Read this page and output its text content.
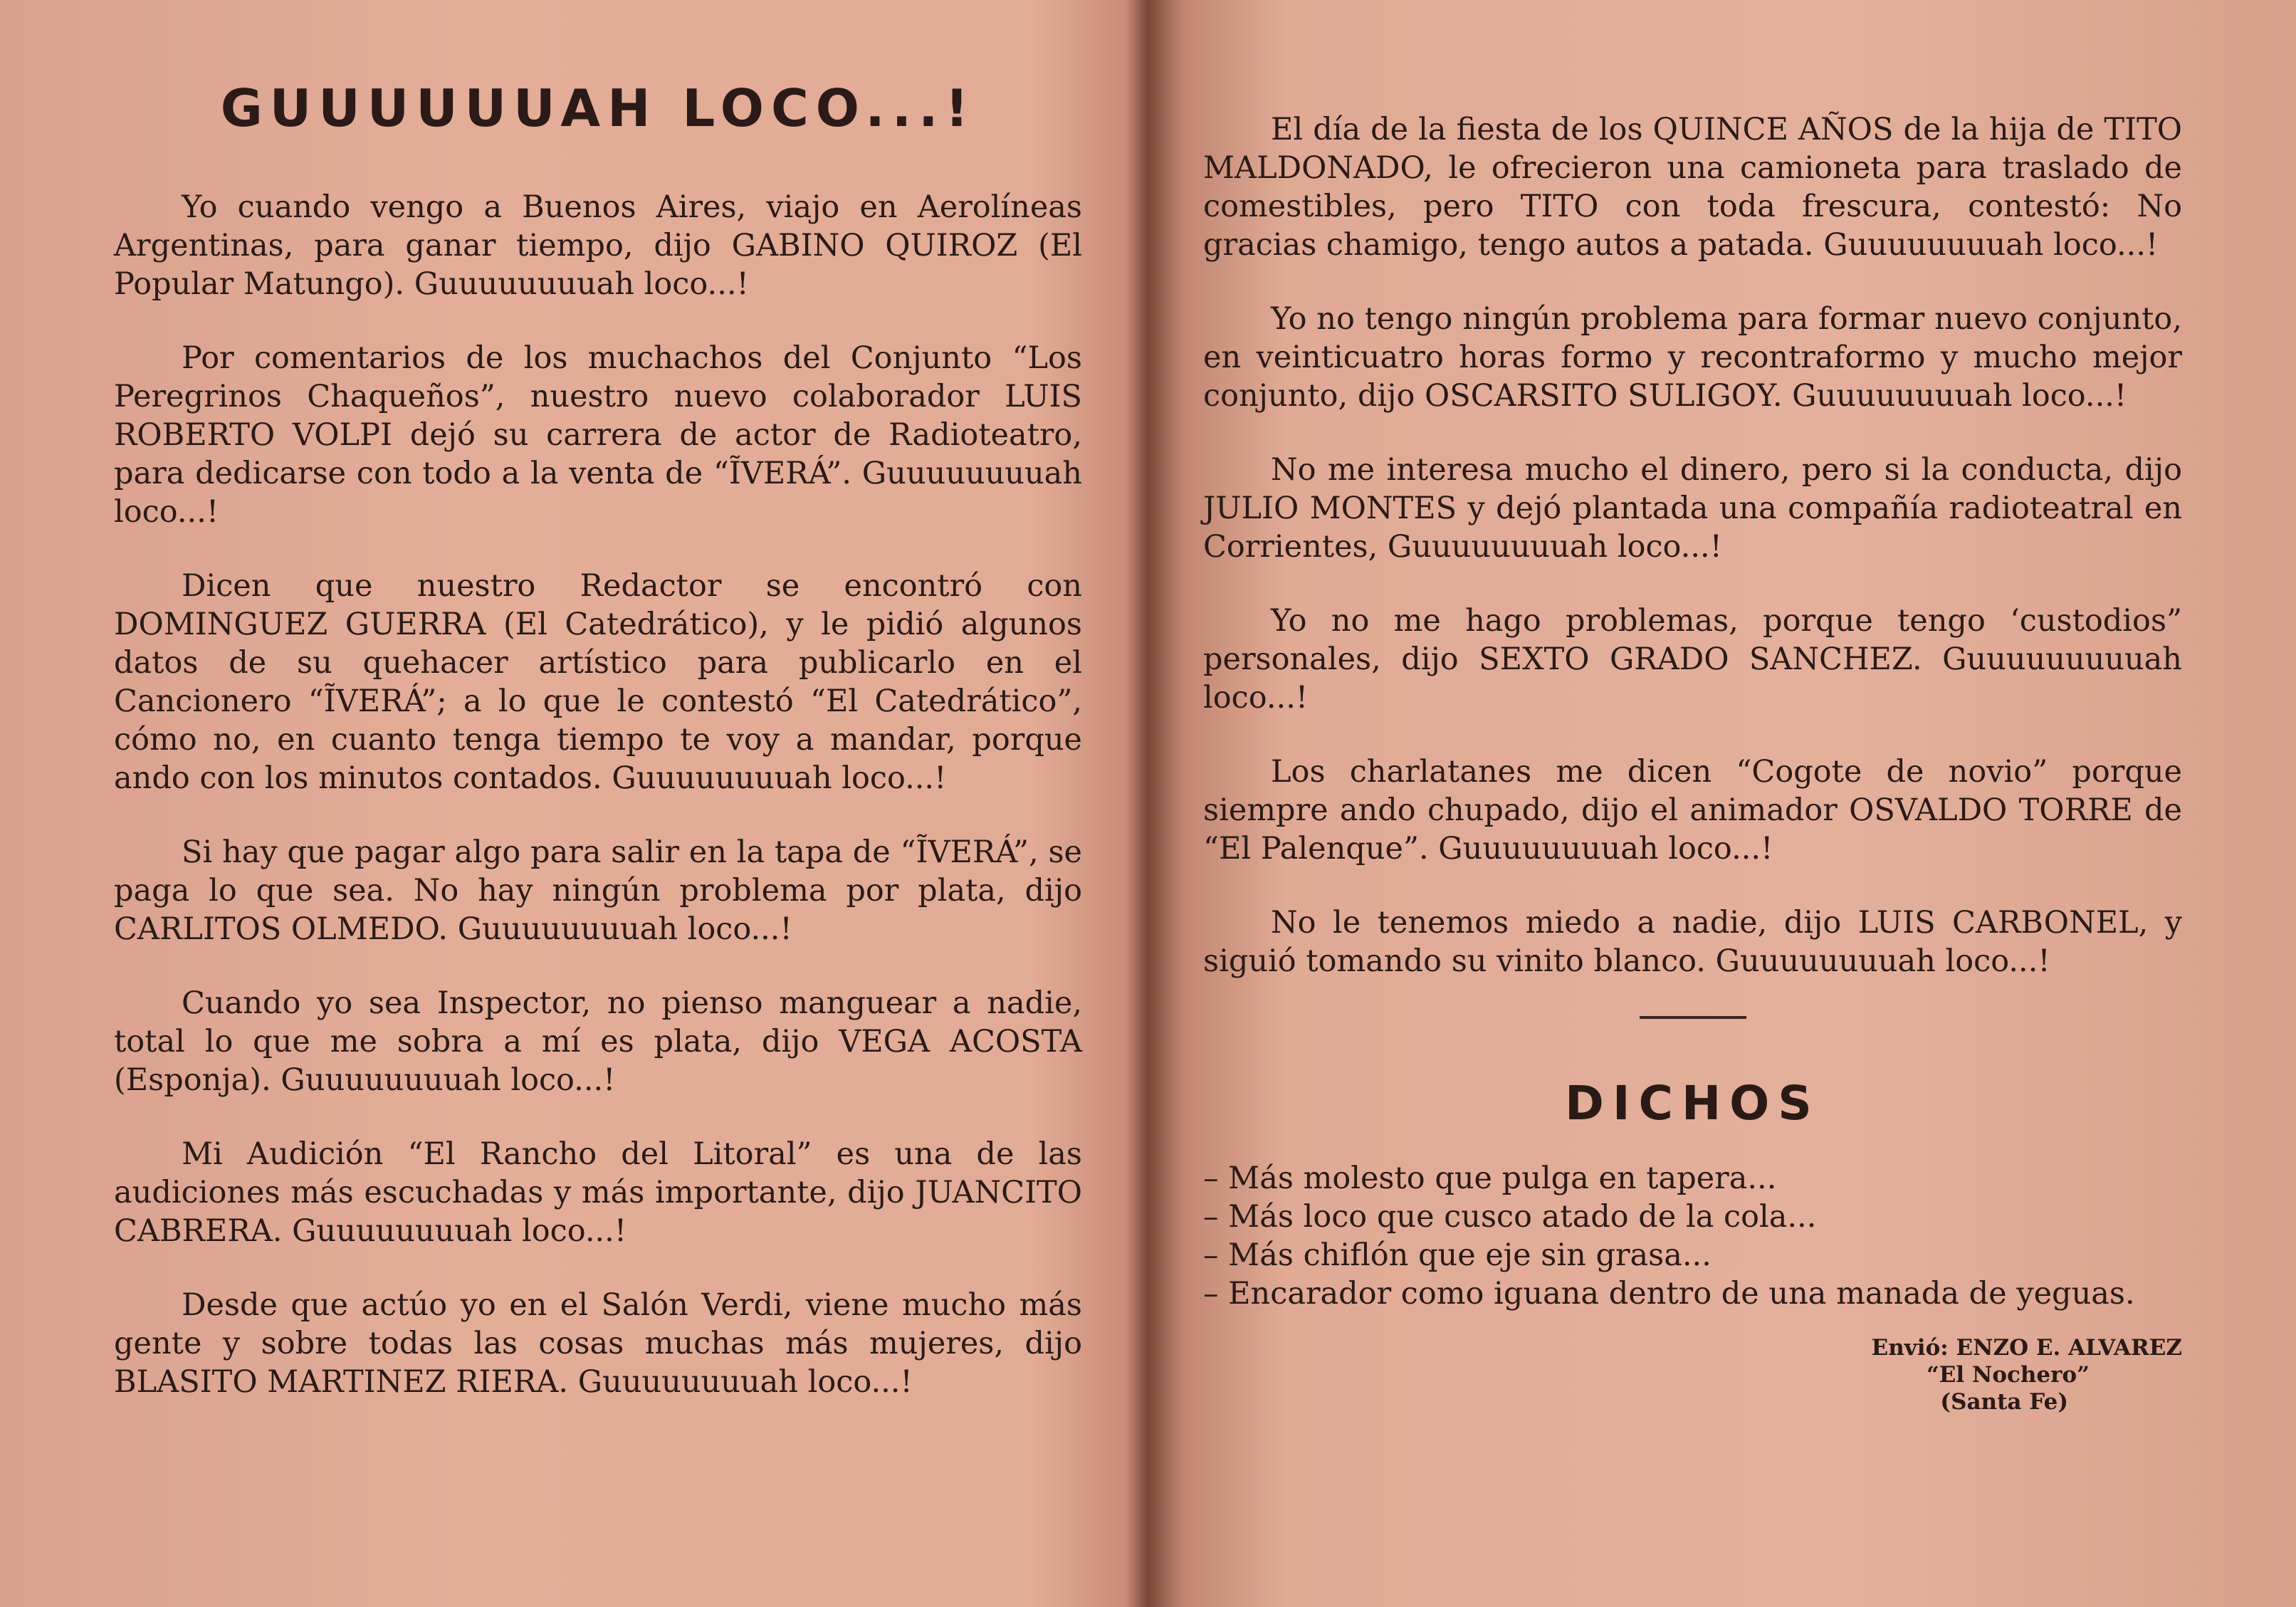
GUUUUUUAH LOCO...!

Yo cuando vengo a Buenos Aires, viajo en Aerolíneas Argentinas, para ganar tiempo, dijo GABINO QUIROZ (El Popular Matungo). Guuuuuuuuah loco...!

Por comentarios de los muchachos del Conjunto “Los Peregrinos Chaqueños”, nuestro nuevo colaborador LUIS ROBERTO VOLPI dejó su carrera de actor de Radioteatro, para dedicarse con todo a la venta de “ĨVERÁ”. Guuuuuuuuah loco...!

Dicen que nuestro Redactor se encontró con DOMINGUEZ GUERRA (El Catedrático), y le pidió algunos datos de su quehacer artístico para publicarlo en el Cancionero “ĨVERÁ”; a lo que le contestó “El Catedrático”, cómo no, en cuanto tenga tiempo te voy a mandar, porque ando con los minutos contados. Guuuuuuuuah loco...!

Si hay que pagar algo para salir en la tapa de “ĨVERÁ”, se paga lo que sea. No hay ningún problema por plata, dijo CARLITOS OLMEDO. Guuuuuuuuah loco...!

Cuando yo sea Inspector, no pienso manguear a nadie, total lo que me sobra a mí es plata, dijo VEGA ACOSTA (Esponja). Guuuuuuuuah loco...!

Mi Audición “El Rancho del Litoral” es una de las audiciones más escuchadas y más importante, dijo JUANCITO CABRERA. Guuuuuuuuah loco...!

Desde que actúo yo en el Salón Verdi, viene mucho más gente y sobre todas las cosas muchas más mujeres, dijo BLASITO MARTINEZ RIERA. Guuuuuuuuah loco...!

El día de la fiesta de los QUINCE AÑOS de la hija de TITO MALDONADO, le ofrecieron una camioneta para traslado de comestibles, pero TITO con toda frescura, contestó: No gracias chamigo, tengo autos a patada. Guuuuuuuuah loco...!

Yo no tengo ningún problema para formar nuevo conjunto, en veinticuatro horas formo y recontraformo y mucho mejor conjunto, dijo OSCARSITO SULIGOY. Guuuuuuuuah loco...!

No me interesa mucho el dinero, pero si la conducta, dijo JULIO MONTES y dejó plantada una compañía radioteatral en Corrientes, Guuuuuuuuah loco...!

Yo no me hago problemas, porque tengo ‘custodios” personales, dijo SEXTO GRADO SANCHEZ. Guuuuuuuuuah loco...!

Los charlatanes me dicen “Cogote de novio” porque siempre ando chupado, dijo el animador OSVALDO TORRE de “El Palenque”. Guuuuuuuuah loco...!

No le tenemos miedo a nadie, dijo LUIS CARBONEL, y siguió tomando su vinito blanco. Guuuuuuuuah loco...!

DICHOS

– Más molesto que pulga en tapera...

– Más loco que cusco atado de la cola...

– Más chiflón que eje sin grasa...

– Encarador como iguana dentro de una manada de yeguas.

Envió: ENZO E. ALVAREZ
“El Nochero”
(Santa Fe)
